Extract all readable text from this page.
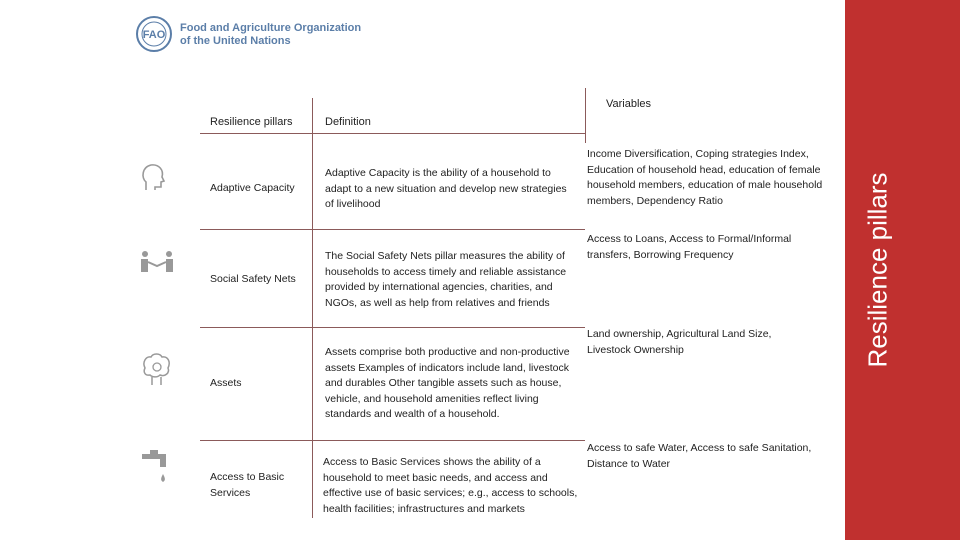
FAO
Food and Agriculture Organization
of the United Nations
Resilience pillars
Resilience pillars	Definition
Variables
Adaptive Capacity
Adaptive Capacity is the ability of a household to adapt to a new situation and develop new strategies of livelihood
Income Diversification, Coping strategies Index, Education of household head, education of female household members, education of male household members, Dependency Ratio
Social Safety Nets
The Social Safety Nets pillar measures the ability of households to access timely and reliable assistance provided by international agencies, charities, and NGOs, as well as help from relatives and friends
Access to Loans, Access to Formal/Informal transfers, Borrowing Frequency
Assets
Assets comprise both productive and non-productive assets Examples of indicators include land, livestock and durables Other tangible assets such as house, vehicle, and household amenities reflect living standards and wealth of a household.
Land ownership, Agricultural Land Size, Livestock Ownership
Access to Basic Services
Access to Basic Services shows the ability of a household to meet basic needs, and access and effective use of basic services; e.g., access to schools, health facilities; infrastructures and markets
Access to safe Water, Access to safe Sanitation, Distance to Water
